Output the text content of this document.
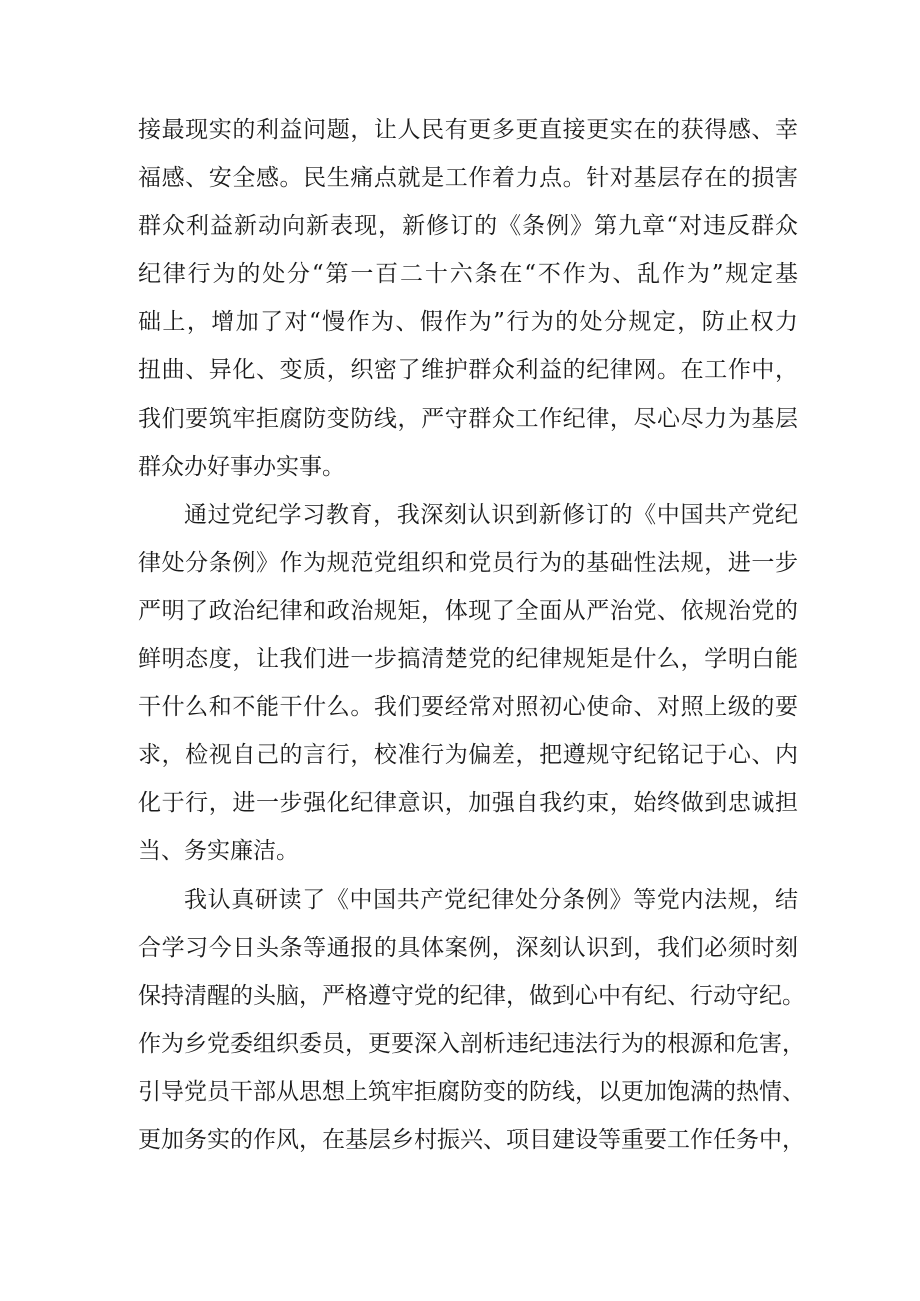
接最现实的利益问题，让人民有更多更直接更实在的获得感、幸
福感、安全感。民生痛点就是工作着力点。针对基层存在的损害
群众利益新动向新表现，新修订的《条例》第九章“对违反群众
纪律行为的处分“第一百二十六条在“不作为、乱作为”规定基
础上，增加了对“慢作为、假作为”行为的处分规定，防止权力
扭曲、异化、变质，织密了维护群众利益的纪律网。在工作中，
我们要筑牢拒腐防变防线，严守群众工作纪律，尽心尽力为基层
群众办好事办实事。
通过党纪学习教育，我深刻认识到新修订的《中国共产党纪
律处分条例》作为规范党组织和党员行为的基础性法规，进一步
严明了政治纪律和政治规矩，体现了全面从严治党、依规治党的
鲜明态度，让我们进一步搞清楚党的纪律规矩是什么，学明白能
干什么和不能干什么。我们要经常对照初心使命、对照上级的要
求，检视自己的言行，校准行为偏差，把遵规守纪铭记于心、内
化于行，进一步强化纪律意识，加强自我约束，始终做到忠诚担
当、务实廉洁。
我认真研读了《中国共产党纪律处分条例》等党内法规，结
合学习今日头条等通报的具体案例，深刻认识到，我们必须时刻
保持清醒的头脑，严格遵守党的纪律，做到心中有纪、行动守纪。
作为乡党委组织委员，更要深入剖析违纪违法行为的根源和危害，
引导党员干部从思想上筑牢拒腐防变的防线，以更加饱满的热情、
更加务实的作风，在基层乡村振兴、项目建设等重要工作任务中，
